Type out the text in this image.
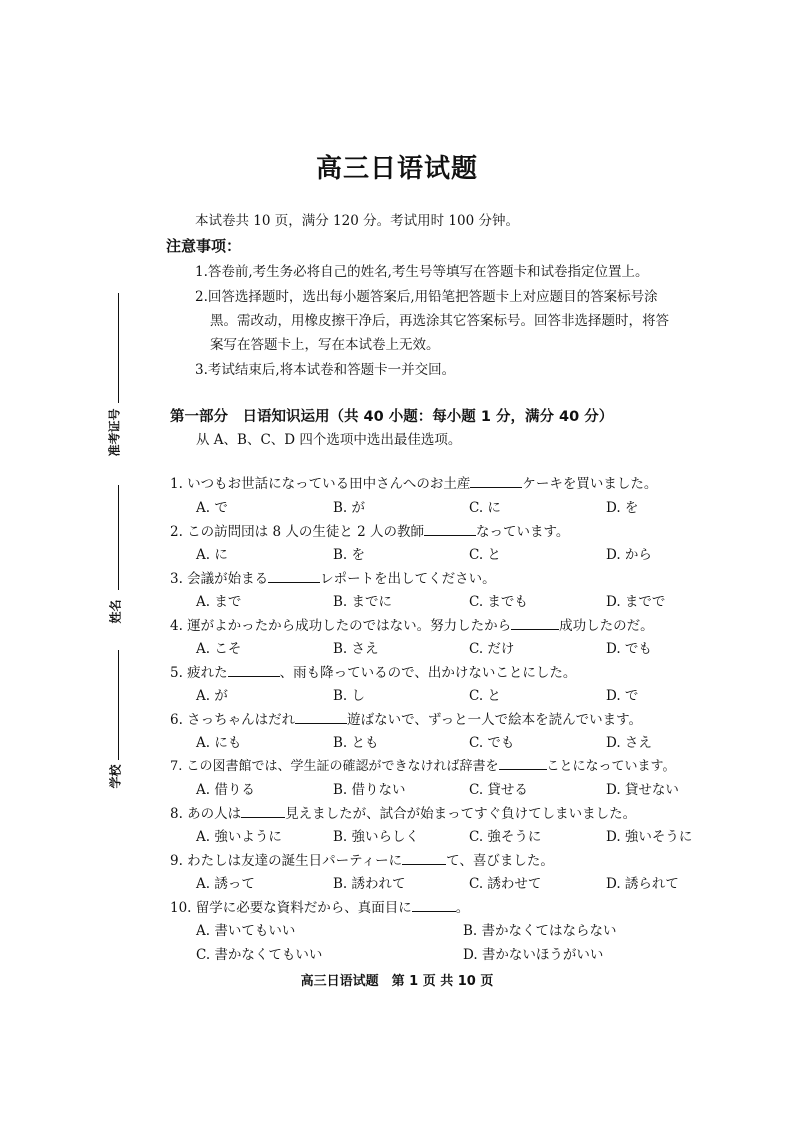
高三日语试题
本试卷共 10 页，满分 120 分。考试用时 100 分钟。
注意事项：
1.答卷前,考生务必将自己的姓名,考生号等填写在答题卡和试卷指定位置上。
2.回答选择题时，选出每小题答案后,用铅笔把答题卡上对应题目的答案标号涂
黑。需改动，用橡皮擦干净后，再选涂其它答案标号。回答非选择题时，将答
案写在答题卡上，写在本试卷上无效。
3.考试结束后,将本试卷和答题卡一并交回。
准考证号
姓名
学校
第一部分　日语知识运用（共 40 小题：每小题 1 分，满分 40 分）
从 A、B、C、D 四个选项中选出最佳选项。
1. いつもお世話になっている田中さんへのお土産	ケーキを買いました。
A. で	B. が	C. に	D. を
2. この訪問団は 8 人の生徒と 2 人の教師	なっています。
A. に	B. を	C. と	D. から
3. 会議が始まる	レポートを出してください。
A. まで	B. までに	C. までも	D. までで
4. 運がよかったから成功したのではない。努力したから	成功したのだ。
A. こそ	B. さえ	C. だけ	D. でも
5. 疲れた	、雨も降っているので、出かけないことにした。
A. が	B. し	C. と	D. で
6. さっちゃんはだれ	遊ばないで、ずっと一人で絵本を読んでいます。
A. にも	B. とも	C. でも	D. さえ
7. この図書館では、学生証の確認ができなければ辞書を	ことになっています。
A. 借りる	B. 借りない	C. 貸せる	D. 貸せない
8. あの人は	見えましたが、試合が始まってすぐ負けてしまいました。
A. 強いように	B. 強いらしく	C. 強そうに	D. 強いそうに
9. わたしは友達の誕生日パーティーに	て、喜びました。
A. 誘って	B. 誘われて	C. 誘わせて	D. 誘られて
10. 留学に必要な資料だから、真面目に	。
A. 書いてもいい	B. 書かなくてはならない
C. 書かなくてもいい	D. 書かないほうがいい
高三日语试题　第 1 页 共 10 页
